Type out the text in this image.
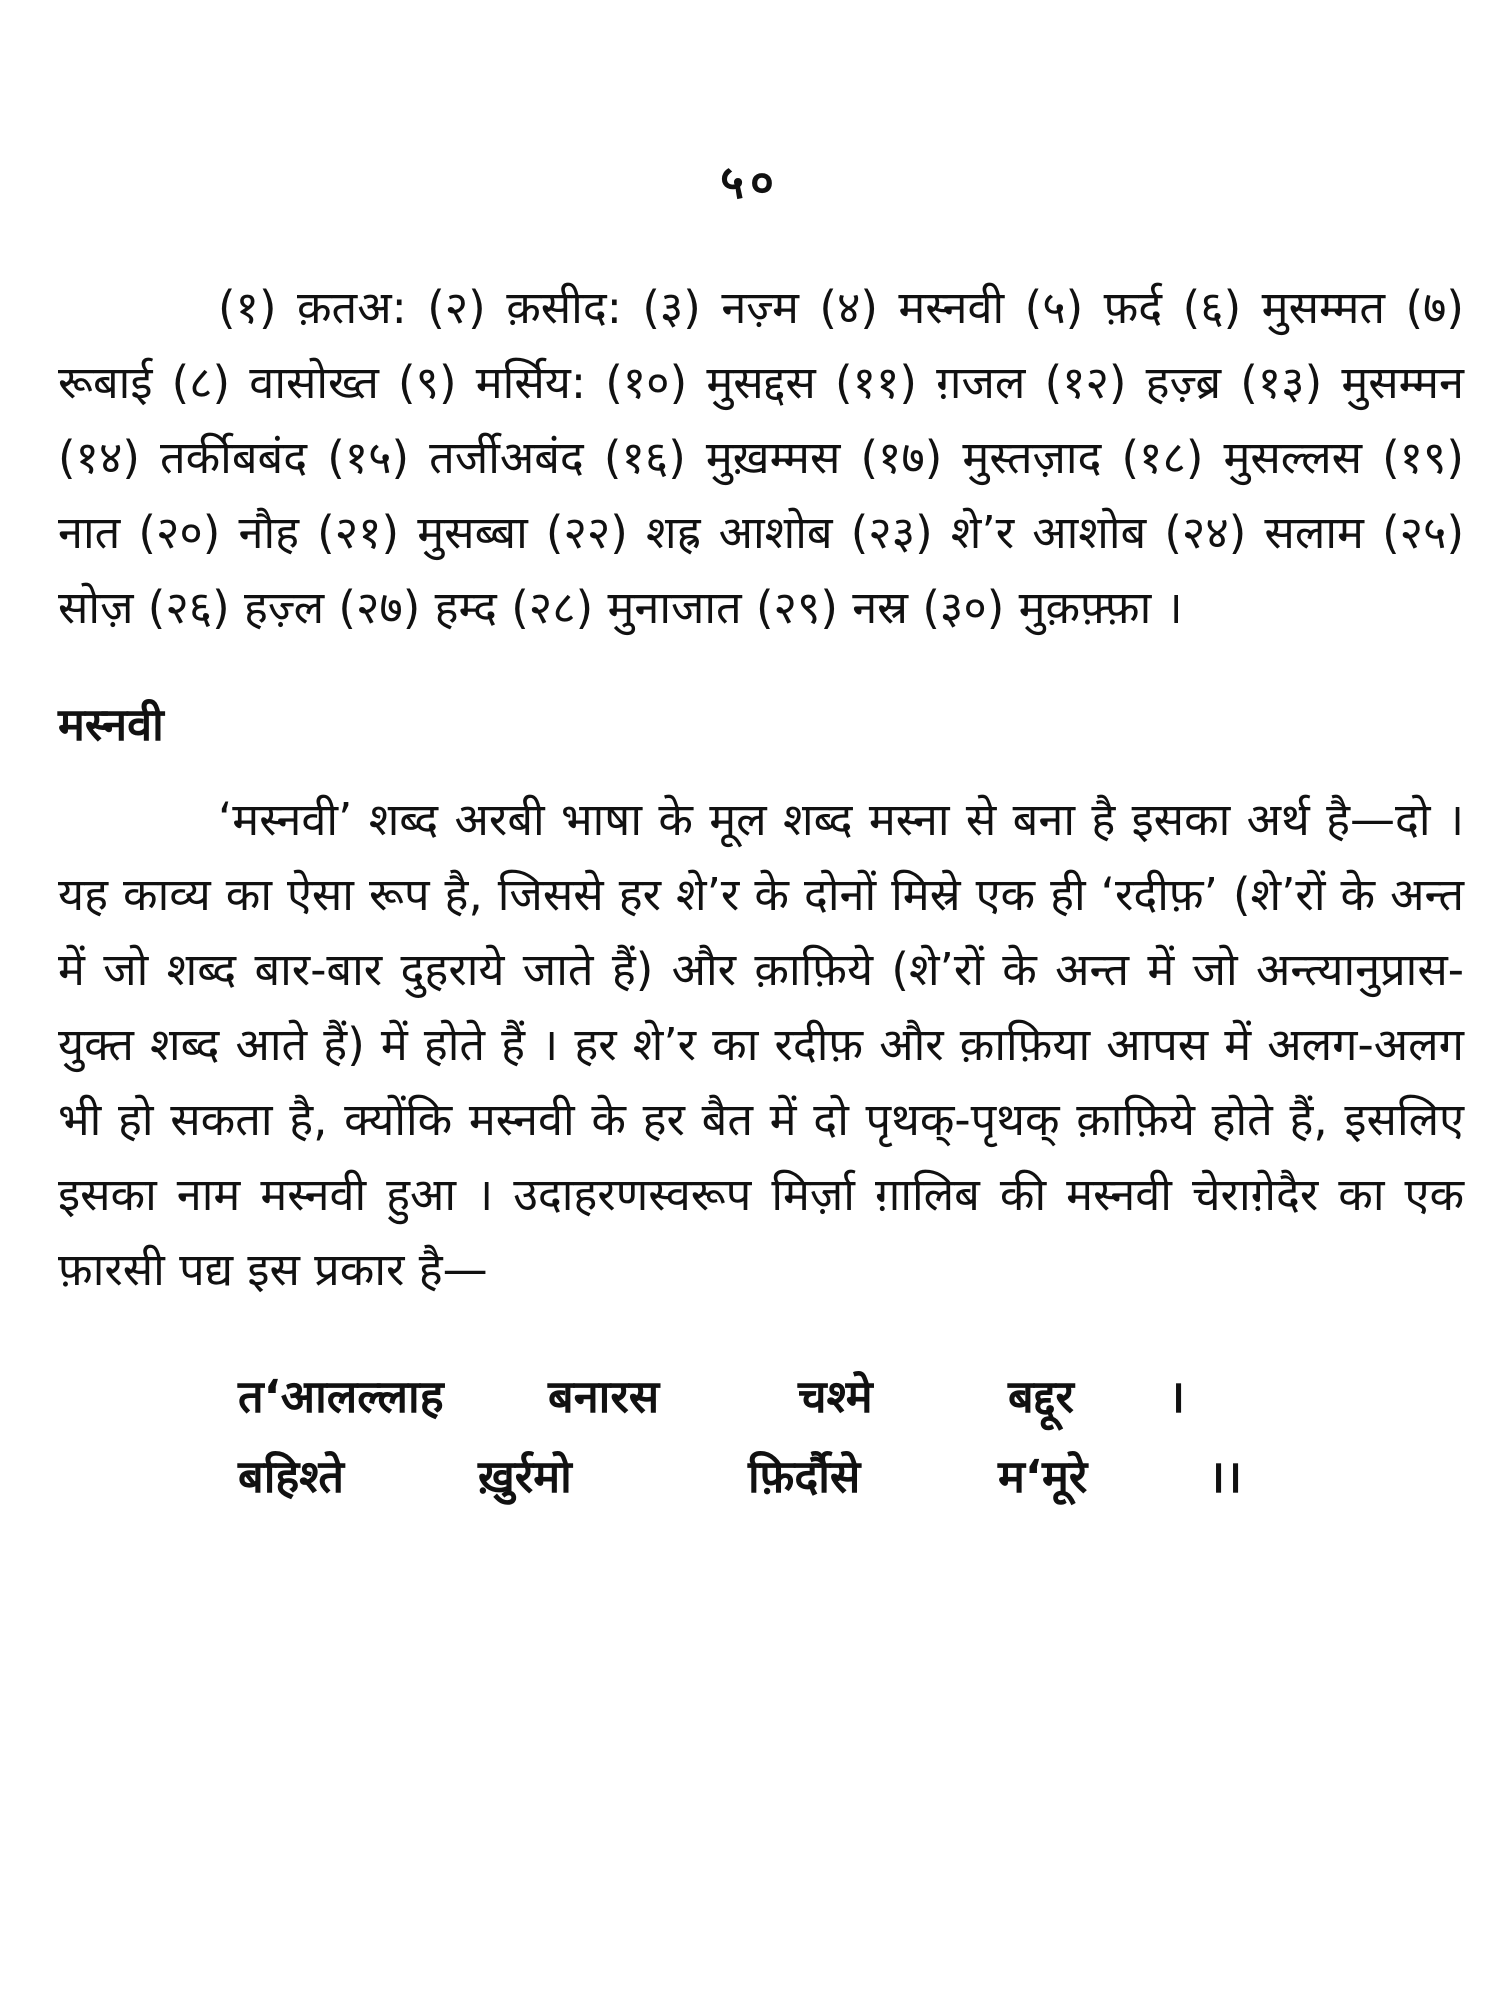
५०

(१) क़तअ: (२) क़सीद: (३) नज़्म (४) मस्नवी (५) फ़र्द (६) मुसम्मत (७) रूबाई (८) वासोख्त (९) मर्सिय: (१०) मुसद्दस (११) ग़जल (१२) हज़्ब्र (१३) मुसम्मन (१४) तर्कीबबंद (१५) तर्जीअबंद (१६) मुख़म्मस (१७) मुस्तज़ाद (१८) मुसल्लस (१९) नात (२०) नौह (२१) मुसब्बा (२२) शह्र आशोब (२३) शे’र आशोब (२४) सलाम (२५) सोज़ (२६) हज़्ल (२७) हम्द (२८) मुनाजात (२९) नस्र (३०) मुक़फ़्फ़ा ।

मस्नवी

‘मस्नवी’ शब्द अरबी भाषा के मूल शब्द मस्ना से बना है इसका अर्थ है—दो । यह काव्य का ऐसा रूप है, जिससे हर शे’र के दोनों मिस्रे एक ही ‘रदीफ़’ (शे’रों के अन्त में जो शब्द बार-बार दुहराये जाते हैं) और क़ाफ़िये (शे’रों के अन्त में जो अन्त्यानुप्रास-युक्त शब्द आते हैं) में होते हैं । हर शे’र का रदीफ़ और क़ाफ़िया आपस में अलग-अलग भी हो सकता है, क्योंकि मस्नवी के हर बैत में दो पृथक्-पृथक् क़ाफ़िये होते हैं, इसलिए इसका नाम मस्नवी हुआ । उदाहरणस्वरूप मिर्ज़ा ग़ालिब की मस्नवी चेराग़ेदैर का एक फ़ारसी पद्य इस प्रकार है—

त‘आलल्लाह	बनारस	चश्मे	बद्दूर	।
बहिश्ते	ख़ुर्रमो	फ़िर्दौसे	म‘मूरे	।।
